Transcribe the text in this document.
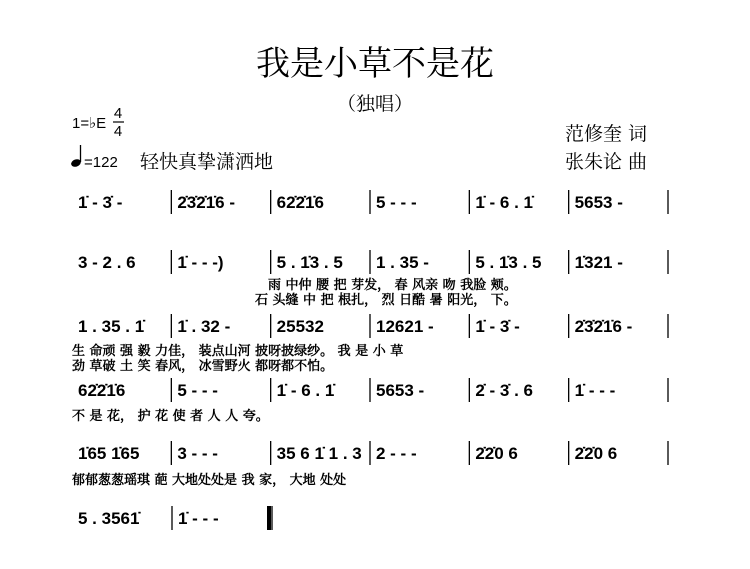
我是小草不是花
（独唱）
1=♭E
4
4
=122 轻快真挚潇洒地
范修奎 词
张朱论 曲
1̇ - 3̇ -	2̇3̇2̇1̇6 - 62̇2̇1̇6	5 - - -	1̇ - 6 . 1̇ 5653 -
3 - 2 . 6 1̇ - - -)	5 . 1̇3 . 5 1 . 35 -	5 . 1̇3 . 5 1̇321 -
1 . 35 . 1̇ 1̇ . 32 -	25532	12621 - 1̇ - 3̇ -	2̇3̇2̇1̇6 -
62̇2̇1̇6	5 - - -	1̇ - 6 . 1̇ 5653 -	2̇ - 3̇ . 6 1̇ - - -
1̇65 1̇65 3 - - -	35 6 1̇ 1 . 3 2 - - -	2̇2̇0 6	2̇2̇0 6
5 . 3561̇ 1̇ - - -
雨 中仲 腰 把 芽发， 春 风亲 吻 我脸 颊。
石 头缝 中 把 根扎， 烈 日酷 暑 阳光， 下。
生 命顽 强 毅 力佳， 装点山河 披呀披绿纱。 我 是 小 草
劲 草破 土 笑 春风， 冰雪野火 都呀都不怕。
不 是 花， 护 花 使 者 人 人 夸。
郁郁葱葱瑶琪 葩 大地处处是 我 家， 大地 处处
